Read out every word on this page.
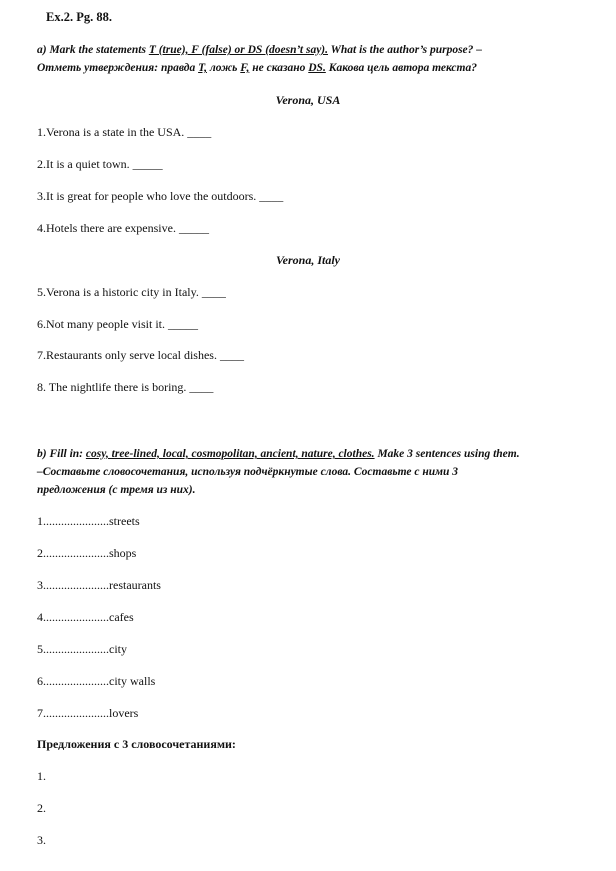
Ex.2. Pg. 88.
a) Mark the statements T (true), F (false) or DS (doesn’t say). What is the author’s purpose? –
Отметь утверждения: правда T, ложь F, не сказано DS. Какова цель автора текста?
Verona, USA
1.Verona is a state in the USA. ____
2.It is a quiet town. _____
3.It is great for people who love the outdoors. ____
4.Hotels there are expensive. _____
Verona, Italy
5.Verona is a historic city in Italy. ____
6.Not many people visit it. _____
7.Restaurants only serve local dishes. ____
8. The nightlife there is boring. ____
b) Fill in: cosy, tree-lined, local, cosmopolitan, ancient, nature, clothes. Make 3 sentences using them.
–Составьте словосочетания, используя подчёркнутые слова. Составьте с ними 3
предложения (с тремя из них).
1......................streets
2......................shops
3......................restaurants
4......................cafes
5......................city
6......................city walls
7......................lovers
Предложения с 3 словосочетаниями:
1.
2.
3.
